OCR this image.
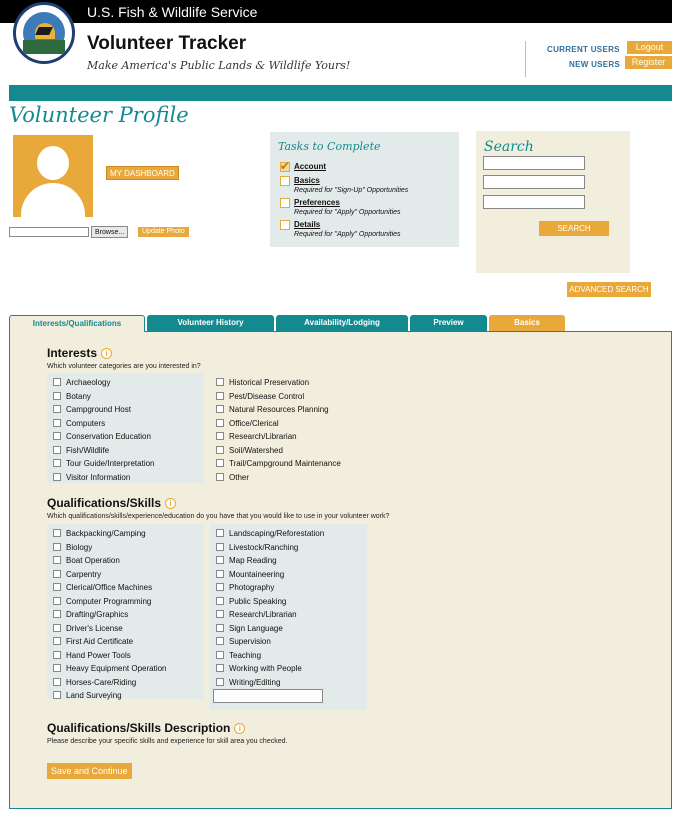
U.S. Fish & Wildlife Service
Volunteer Tracker
Make America's Public Lands & Wildlife Yours!
CURRENT USERS
NEW USERS
Logout
Register
Volunteer Profile
MY DASHBOARD
Browse...	Update Photo
Tasks to Complete
✔ Account
Basics
Required for "Sign-Up" Opportunities
Preferences
Required for "Apply" Opportunities
Details
Required for "Apply" Opportunities
Search
SEARCH
ADVANCED SEARCH
Interests/Qualifications	Volunteer History	Availability/Lodging	Preview	Basics
Interests i
Which volunteer categories are you interested in?
Archaeology
Botany
Campground Host
Computers
Conservation Education
Fish/Wildlife
Tour Guide/Interpretation
Visitor Information
Historical Preservation
Pest/Disease Control
Natural Resources Planning
Office/Clerical
Research/Librarian
Soil/Watershed
Trail/Campground Maintenance
Other
Qualifications/Skills i
Which qualifications/skills/experience/education do you have that you would like to use in your volunteer work?
Backpacking/Camping
Biology
Boat Operation
Carpentry
Clerical/Office Machines
Computer Programming
Drafting/Graphics
Driver's License
First Aid Certificate
Hand Power Tools
Heavy Equipment Operation
Horses-Care/Riding
Land Surveying
Landscaping/Reforestation
Livestock/Ranching
Map Reading
Mountaineering
Photography
Public Speaking
Research/Librarian
Sign Language
Supervision
Teaching
Working with People
Writing/Editing
Qualifications/Skills Description i
Please describe your specific skills and experience for skill area you checked.
Save and Continue
